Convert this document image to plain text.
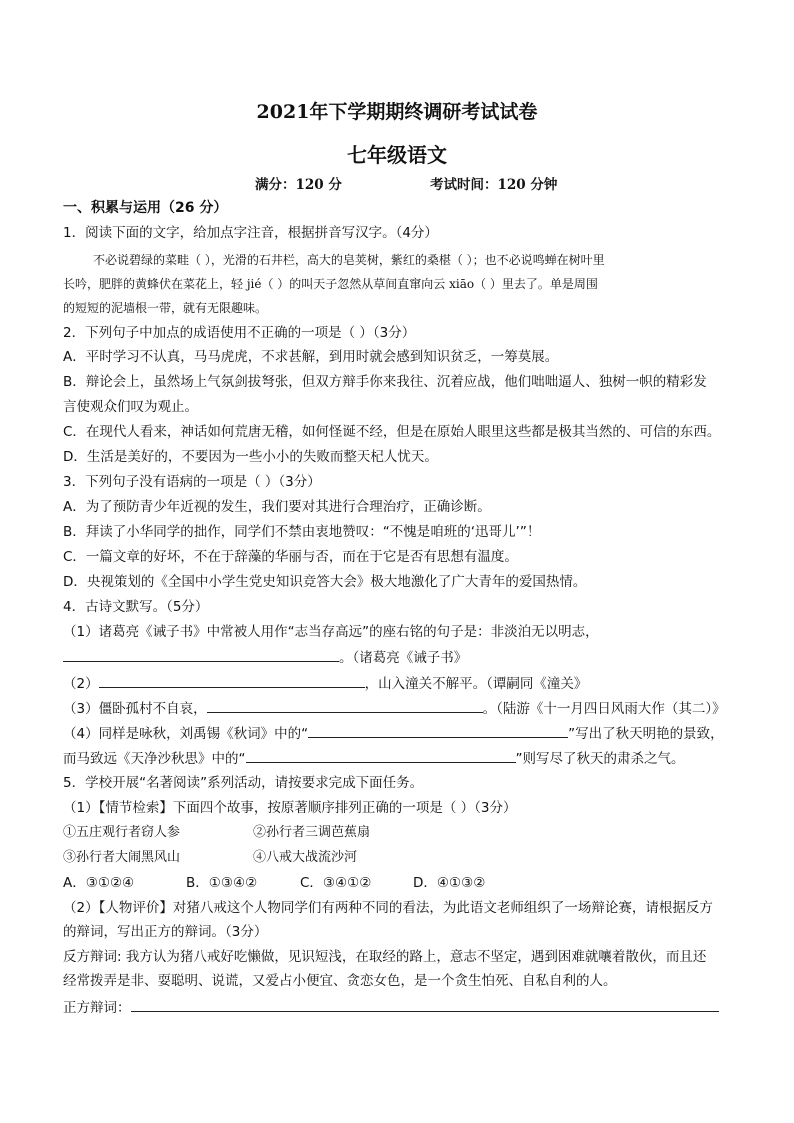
2021年下学期期终调研考试试卷
七年级语文
满分：120 分	考试时间：120 分钟
一、积累与运用（26 分）
1．阅读下面的文字，给加点字注音，根据拼音写汉字。（4分）
不必说碧绿的菜畦（ ），光滑的石井栏，高大的皂荚树，紫红的桑椹（ ）；也不必说鸣蝉在树叶里
长吟，肥胖的黄蜂伏在菜花上，轻 jié（ ）的叫天子忽然从草间直窜向云 xiāo（ ）里去了。单是周围
的短短的泥墙根一带，就有无限趣味。
2．下列句子中加点的成语使用不正确的一项是（ ）（3分）
A．平时学习不认真，马马虎虎，不求甚解，到用时就会感到知识贫乏，一筹莫展。
B．辩论会上，虽然场上气氛剑拔弩张，但双方辩手你来我往、沉着应战，他们咄咄逼人、独树一帜的精彩发
言使观众们叹为观止。
C．在现代人看来，神话如何荒唐无稽，如何怪诞不经，但是在原始人眼里这些都是极其当然的、可信的东西。
D．生活是美好的，不要因为一些小小的失败而整天杞人忧天。
3．下列句子没有语病的一项是（ ）（3分）
A．为了预防青少年近视的发生，我们要对其进行合理治疗，正确诊断。
B．拜读了小华同学的拙作，同学们不禁由衷地赞叹：“不愧是咱班的‘迅哥儿’”！
C．一篇文章的好坏，不在于辞藻的华丽与否，而在于它是否有思想有温度。
D．央视策划的《全国中小学生党史知识竞答大会》极大地激化了广大青年的爱国热情。
4．古诗文默写。（5分）
（1）诸葛亮《诫子书》中常被人用作“志当存高远”的座右铭的句子是：非淡泊无以明志，
。（诸葛亮《诫子书》
（2）	，山入潼关不解平。（谭嗣同《潼关》
（3）僵卧孤村不自哀，	。（陆游《十一月四日风雨大作（其二）》
（4）同样是咏秋，刘禹锡《秋词》中的“	”写出了秋天明艳的景致，
而马致远《天净沙秋思》中的“	”则写尽了秋天的肃杀之气。
5．学校开展“名著阅读”系列活动，请按要求完成下面任务。
（1）【情节检索】下面四个故事，按原著顺序排列正确的一项是（ ）（3分）
①五庄观行者窃人参	②孙行者三调芭蕉扇
③孙行者大闹黑风山	④八戒大战流沙河
A．③①②④	B．①③④②	C．③④①②	D．④①③②
（2）【人物评价】对猪八戒这个人物同学们有两种不同的看法，为此语文老师组织了一场辩论赛，请根据反方
的辩词，写出正方的辩词。（3分）
反方辩词: 我方认为猪八戒好吃懒做，见识短浅，在取经的路上，意志不坚定，遇到困难就嚷着散伙，而且还
经常拨弄是非、耍聪明、说谎，又爱占小便宜、贪恋女色，是一个贪生怕死、自私自利的人。
正方辩词：
